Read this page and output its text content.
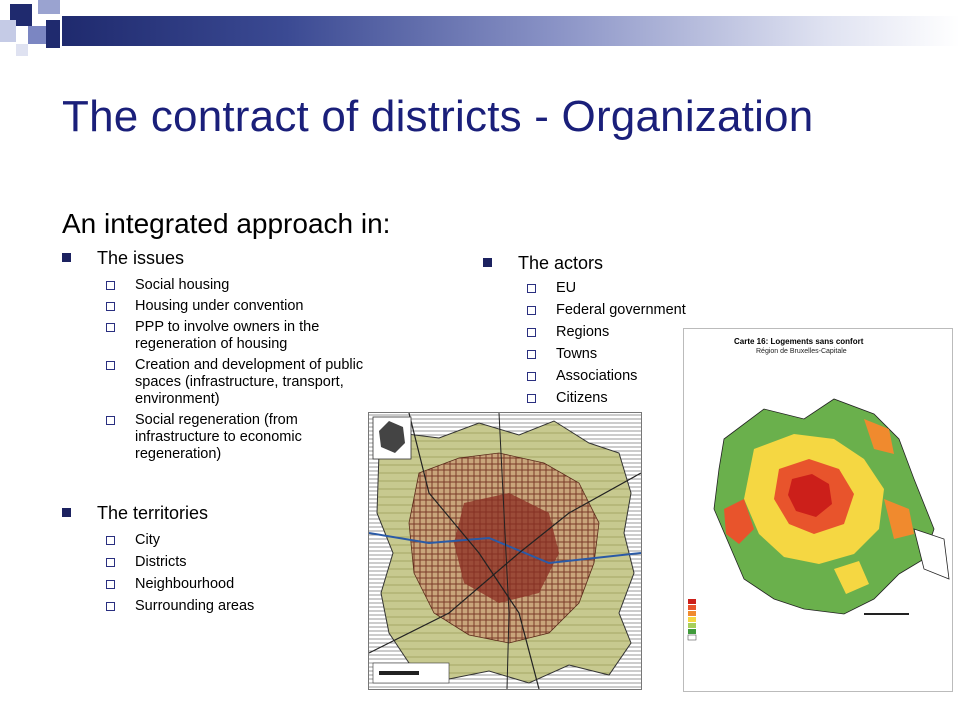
The contract of districts - Organization
An integrated approach in:
The issues
Social housing
Housing under convention
PPP to involve owners in the regeneration of housing
Creation and development of public spaces (infrastructure, transport, environment)
Social regeneration (from infrastructure to economic regeneration)
The territories
City
Districts
Neighbourhood
Surrounding areas
The actors
EU
Federal government
Regions
Towns
Associations
Citizens
Carte 16: Logements sans confort
Région de Bruxelles-Capitale
